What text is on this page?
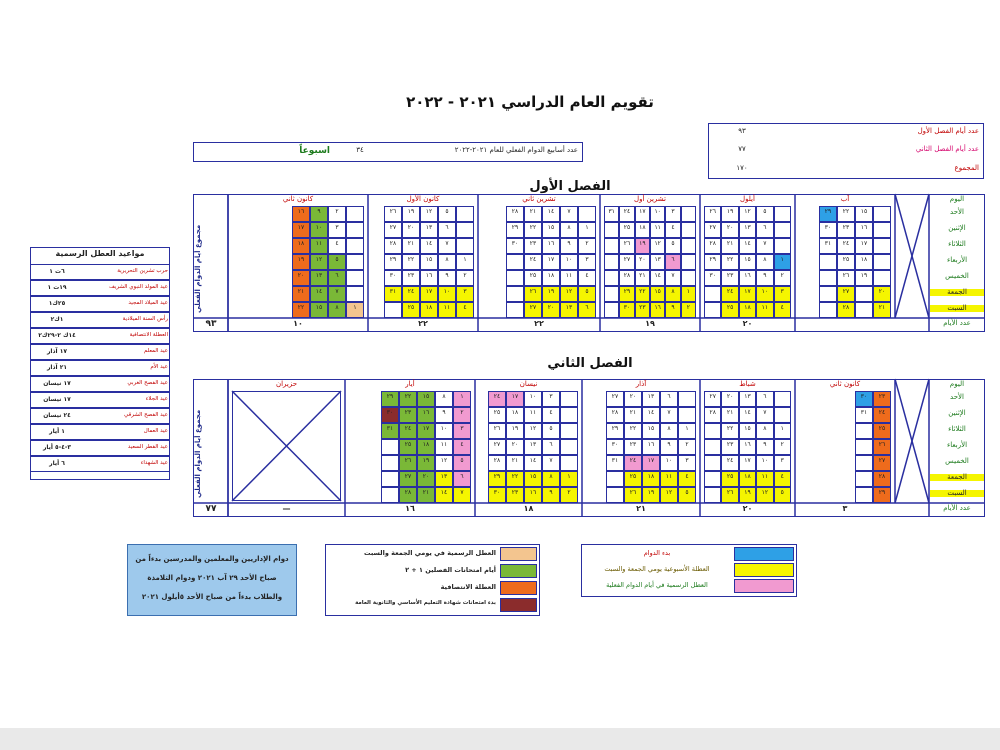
تقويم العام الدراسي ٢٠٢١ - ٢٠٢٢
عدد أيام الفصل الأول
٩٣
عدد أيام الفصل الثاني
٧٧
المجموع
١٧٠
عدد أسابيع الدوام الفعلي للعام ٢٠٢١-٢٠٢٢
٣٤
اسبوعاً
الفصل الأول
الفصل الثاني
مواعيد العطل الرسمية
حرب تشرين التحريرية
٦ت ١
عيد المولد النبوي الشريف
١٩ت ١
عيد الميلاد المجيد
٢٥ك١
رأس السنة الميلادية
١ك٢
العطلة الانتصافية
١٤ك ٢-٢٩ك٢
عيد المعلم
١٧ آذار
عيد الأم
٢١ آذار
عيد الفصح الغربي
١٧ نيسان
عيد الجلاء
١٧ نيسان
عيد الفصح الشرقي
٢٤ نيسان
عيد العمال
١ أيار
عيد الفطر السعيد
٣-٤-٥ أيار
عيد الشهداء
٦ أيار
دوام الإداريين والمعلمين والمدرسين بدءاً من
صباح الأحد ٢٩ آب ٢٠٢١ ودوام التلامذة
والطلاب بدءاً من صباح الأحد ٥أيلول ٢٠٢١
العطل الرسمية في يومي الجمعة والسبت
أيام امتحانات الفصلين ١ + ٢
العطلة الانتصافية
بدء امتحانات شهادة التعليم الأساسي والثانوية العامة
بدء الدوام
العطلة الأسبوعية يومي الجمعة والسبت
العطل الرسمية في أيام الدوام الفعلية
اليوم
الأحد
الإثنين
الثلاثاء
الأربعاء
الخميس
الجمعة
السبت
عدد الأيام
مجموع أيام الدوام الفعلي
٩٣
آب
٢٠
٢١
١٥
١٦
١٧
١٨
١٩
٢٢
٢٣
٢٤
٢٥
٢٦
٢٧
٢٨
٢٩
٣٠
٣١
أيلول
٢٠
١
٢
٣
٤
٥
٦
٧
٨
٩
١٠
١١
١٢
١٣
١٤
١٥
١٦
١٧
١٨
١٩
٢٠
٢١
٢٢
٢٣
٢٤
٢٥
٢٦
٢٧
٢٨
٢٩
٣٠
تشرين أول
١٩
١
٢
٣
٤
٥
٦
٧
٨
٩
١٠
١١
١٢
١٣
١٤
١٥
١٦
١٧
١٨
١٩
٢٠
٢١
٢٢
٢٣
٢٤
٢٥
٢٦
٢٧
٢٨
٢٩
٣٠
٣١
تشرين ثاني
٢٢
١
٢
٣
٤
٥
٦
٧
٨
٩
١٠
١١
١٢
١٣
١٤
١٥
١٦
١٧
١٨
١٩
٢٠
٢١
٢٢
٢٣
٢٤
٢٥
٢٦
٢٧
٢٨
٢٩
٣٠
كانون الأول
٢٢
١
٢
٣
٤
٥
٦
٧
٨
٩
١٠
١١
١٢
١٣
١٤
١٥
١٦
١٧
١٨
١٩
٢٠
٢١
٢٢
٢٣
٢٤
٢٥
٢٦
٢٧
٢٨
٢٩
٣٠
٣١
كانون ثاني
١٠
١
٢
٣
٤
٥
٦
٧
٨
٩
١٠
١١
١٢
١٣
١٤
١٥
١٦
١٧
١٨
١٩
٢٠
٢١
٢٢
اليوم
الأحد
الإثنين
الثلاثاء
الأربعاء
الخميس
الجمعة
السبت
عدد الأيام
مجموع أيام الدوام الفعلي
٧٧
كانون ثاني
٣
٢٣
٢٤
٢٥
٢٦
٢٧
٢٨
٢٩
٣٠
٣١
شباط
٢٠
١
٢
٣
٤
٥
٦
٧
٨
٩
١٠
١١
١٢
١٣
١٤
١٥
١٦
١٧
١٨
١٩
٢٠
٢١
٢٢
٢٣
٢٤
٢٥
٢٦
٢٧
٢٨
آذار
٢١
١
٢
٣
٤
٥
٦
٧
٨
٩
١٠
١١
١٢
١٣
١٤
١٥
١٦
١٧
١٨
١٩
٢٠
٢١
٢٢
٢٣
٢٤
٢٥
٢٦
٢٧
٢٨
٢٩
٣٠
٣١
نيسان
١٨
١
٢
٣
٤
٥
٦
٧
٨
٩
١٠
١١
١٢
١٣
١٤
١٥
١٦
١٧
١٨
١٩
٢٠
٢١
٢٢
٢٣
٢٤
٢٥
٢٦
٢٧
٢٨
٢٩
٣٠
أيار
١٦
١
٢
٣
٤
٥
٦
٧
٨
٩
١٠
١١
١٢
١٣
١٤
١٥
١٦
١٧
١٨
١٩
٢٠
٢١
٢٢
٢٣
٢٤
٢٥
٢٦
٢٧
٢٨
٢٩
٣٠
٣١
حزيران
—
